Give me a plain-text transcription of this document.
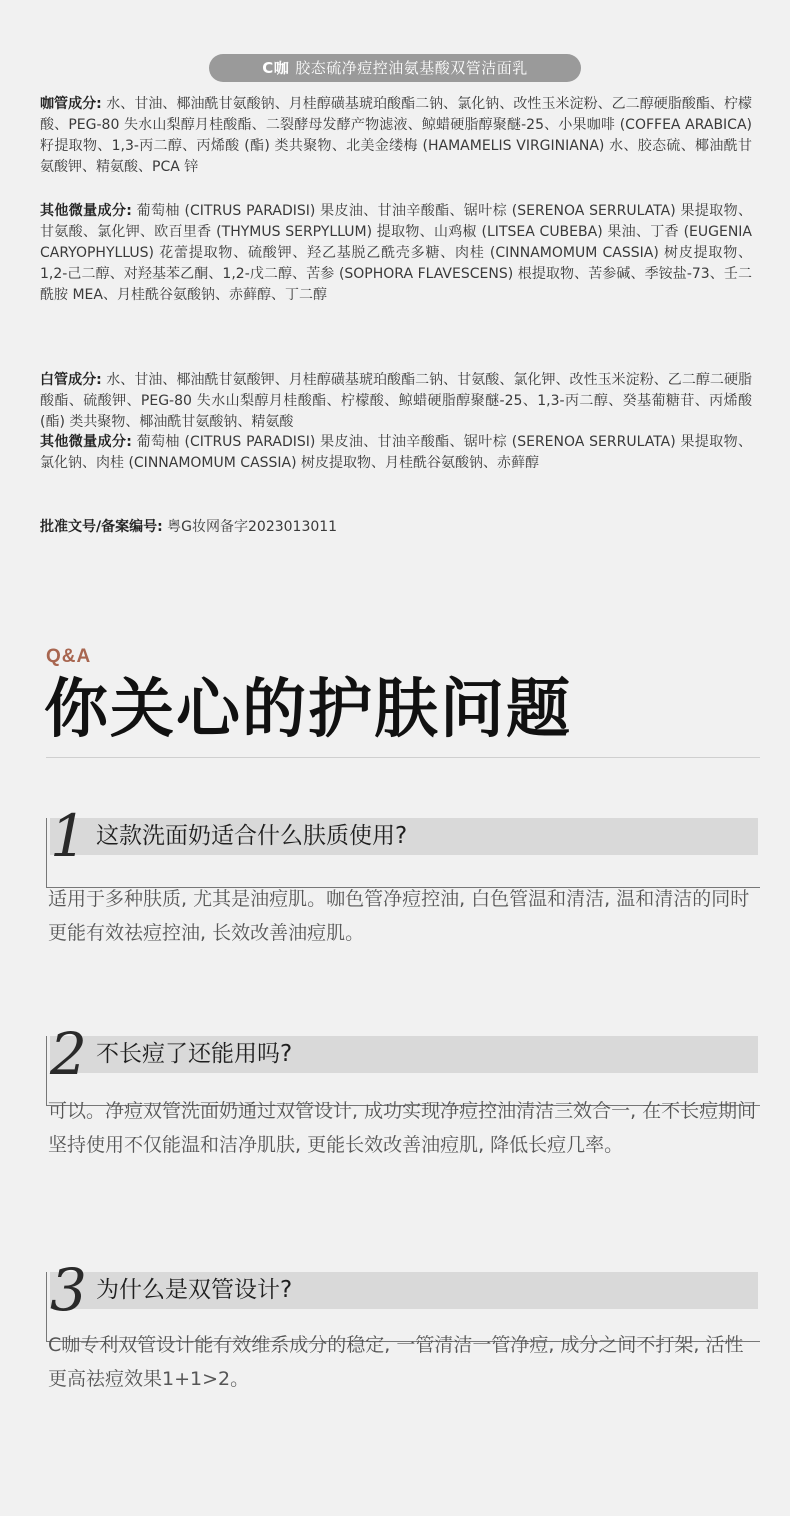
C咖 胶态硫净痘控油氨基酸双管洁面乳
咖管成分: 水、甘油、椰油酰甘氨酸钠、月桂醇磺基琥珀酸酯二钠、氯化钠、改性玉米淀粉、乙二醇硬脂酸酯、柠檬酸、PEG-80 失水山梨醇月桂酸酯、二裂酵母发酵产物滤液、鲸蜡硬脂醇聚醚-25、小果咖啡 (COFFEA ARABICA) 籽提取物、1,3-丙二醇、丙烯酸 (酯) 类共聚物、北美金缕梅 (HAMAMELIS VIRGINIANA) 水、胶态硫、椰油酰甘氨酸钾、精氨酸、PCA 锌
其他微量成分: 葡萄柚 (CITRUS PARADISI) 果皮油、甘油辛酸酯、锯叶棕 (SERENOA SERRULATA) 果提取物、甘氨酸、氯化钾、欧百里香 (THYMUS SERPYLLUM) 提取物、山鸡椒 (LITSEA CUBEBA) 果油、丁香 (EUGENIA CARYOPHYLLUS) 花蕾提取物、硫酸钾、羟乙基脱乙酰壳多糖、肉桂 (CINNAMOMUM CASSIA) 树皮提取物、1,2-己二醇、对羟基苯乙酮、1,2-戊二醇、苦参 (SOPHORA FLAVESCENS) 根提取物、苦参碱、季铵盐-73、壬二酰胺 MEA、月桂酰谷氨酸钠、赤藓醇、丁二醇
白管成分: 水、甘油、椰油酰甘氨酸钾、月桂醇磺基琥珀酸酯二钠、甘氨酸、氯化钾、改性玉米淀粉、乙二醇二硬脂酸酯、硫酸钾、PEG-80 失水山梨醇月桂酸酯、柠檬酸、鲸蜡硬脂醇聚醚-25、1,3-丙二醇、癸基葡糖苷、丙烯酸 (酯) 类共聚物、椰油酰甘氨酸钠、精氨酸
其他微量成分: 葡萄柚 (CITRUS PARADISI) 果皮油、甘油辛酸酯、锯叶棕 (SERENOA SERRULATA) 果提取物、氯化钠、肉桂 (CINNAMOMUM CASSIA) 树皮提取物、月桂酰谷氨酸钠、赤藓醇
批准文号/备案编号: 粤G妆网备字2023013011
Q&A
你关心的护肤问题
1 这款洗面奶适合什么肤质使用?
适用于多种肤质, 尤其是油痘肌。咖色管净痘控油, 白色管温和清洁, 温和清洁的同时更能有效祛痘控油, 长效改善油痘肌。
2 不长痘了还能用吗?
可以。净痘双管洗面奶通过双管设计, 成功实现净痘控油清洁三效合一, 在不长痘期间坚持使用不仅能温和洁净肌肤, 更能长效改善油痘肌, 降低长痘几率。
3 为什么是双管设计?
C咖专利双管设计能有效维系成分的稳定, 一管清洁一管净痘, 成分之间不打架, 活性更高祛痘效果1+1>2。
